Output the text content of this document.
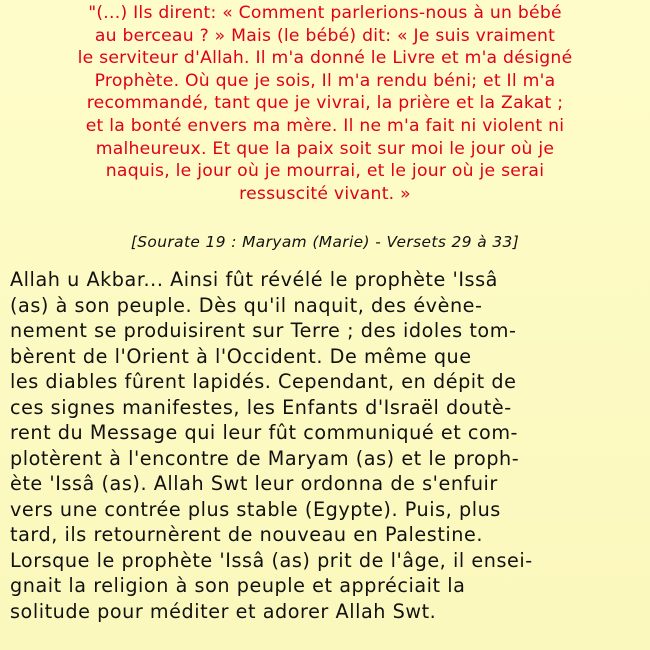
"(...) Ils dirent: « Comment parlerions-nous à un bébé
au berceau ? » Mais (le bébé) dit: « Je suis vraiment
le serviteur d'Allah. Il m'a donné le Livre et m'a désigné
Prophète. Où que je sois, Il m'a rendu béni; et Il m'a
recommandé, tant que je vivrai, la prière et la Zakat ;
et la bonté envers ma mère. Il ne m'a fait ni violent ni
malheureux. Et que la paix soit sur moi le jour où je
naquis, le jour où je mourrai, et le jour où je serai
ressuscité vivant. »

[Sourate 19 : Maryam (Marie) - Versets 29 à 33]

Allah u Akbar... Ainsi fût révélé le prophète 'Issâ
(as) à son peuple. Dès qu'il naquit, des évène-
nement se produisirent sur Terre ; des idoles tom-
bèrent de l'Orient à l'Occident. De même que
les diables fûrent lapidés. Cependant, en dépit de
ces signes manifestes, les Enfants d'Israël doutè-
rent du Message qui leur fût communiqué et com-
plotèrent à l'encontre de Maryam (as) et le proph-
ète 'Issâ (as). Allah Swt leur ordonna de s'enfuir
vers une contrée plus stable (Egypte). Puis, plus
tard, ils retournèrent de nouveau en Palestine.
Lorsque le prophète 'Issâ (as) prit de l'âge, il ensei-
gnait la religion à son peuple et appréciait la
solitude pour méditer et adorer Allah Swt.
